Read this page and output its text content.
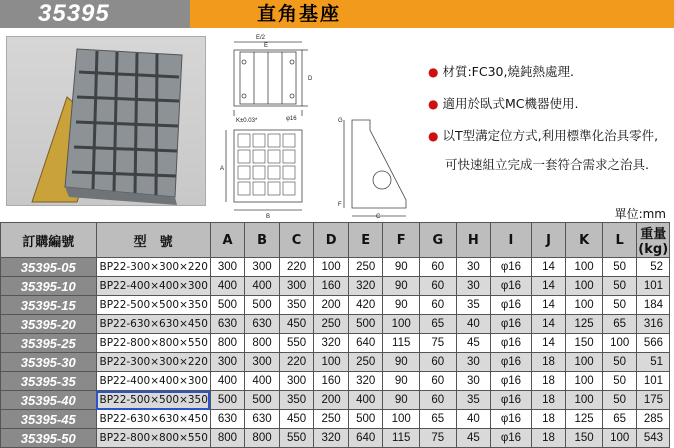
35395	直角基座
E/2
E
D
K±0.03*	φ16
A
B	C
G
F
● 材質:FC30,燒鈍熱處理.
● 適用於臥式MC機器使用.
● 以T型溝定位方式,利用標準化治具零件,
可快速組立完成一套符合需求之治具.
單位:mm
訂購編號	型　號	A	B	C	D	E	F	G	H	I	J	K	L	重量
(kg)
35395-05	BP22-300×300×220	300	300	220	100	250	90	60	30	φ16	14	100	50	52
35395-10	BP22-400×400×300	400	400	300	160	320	90	60	30	φ16	14	100	50	101
35395-15	BP22-500×500×350	500	500	350	200	420	90	60	35	φ16	14	100	50	184
35395-20	BP22-630×630×450	630	630	450	250	500	100	65	40	φ16	14	125	65	316
35395-25	BP22-800×800×550	800	800	550	320	640	115	75	45	φ16	14	150	100	566
35395-30	BP22-300×300×220	300	300	220	100	250	90	60	30	φ16	18	100	50	51
35395-35	BP22-400×400×300	400	400	300	160	320	90	60	30	φ16	18	100	50	101
35395-40	BP22-500×500×350	500	500	350	200	400	90	60	35	φ16	18	100	50	175
35395-45	BP22-630×630×450	630	630	450	250	500	100	65	40	φ16	18	125	65	285
35395-50	BP22-800×800×550	800	800	550	320	640	115	75	45	φ16	18	150	100	543
